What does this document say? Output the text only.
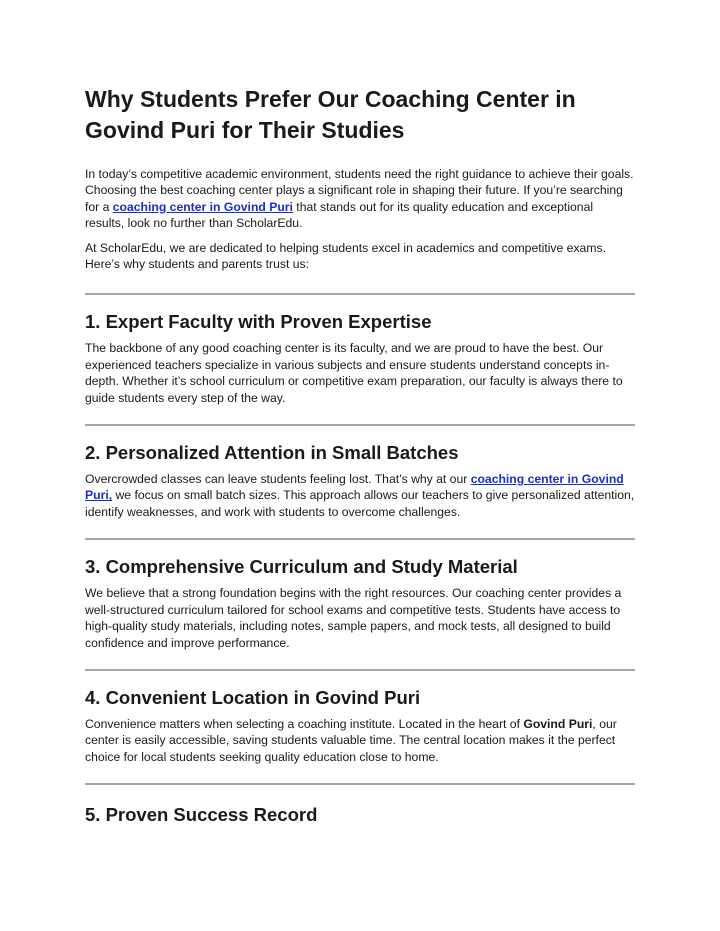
Why Students Prefer Our Coaching Center in Govind Puri for Their Studies

In today’s competitive academic environment, students need the right guidance to achieve their goals. Choosing the best coaching center plays a significant role in shaping their future. If you’re searching for a coaching center in Govind Puri that stands out for its quality education and exceptional results, look no further than ScholarEdu.

At ScholarEdu, we are dedicated to helping students excel in academics and competitive exams. Here’s why students and parents trust us:

1. Expert Faculty with Proven Expertise

The backbone of any good coaching center is its faculty, and we are proud to have the best. Our experienced teachers specialize in various subjects and ensure students understand concepts in-depth. Whether it’s school curriculum or competitive exam preparation, our faculty is always there to guide students every step of the way.

2. Personalized Attention in Small Batches

Overcrowded classes can leave students feeling lost. That’s why at our coaching center in Govind Puri, we focus on small batch sizes. This approach allows our teachers to give personalized attention, identify weaknesses, and work with students to overcome challenges.

3. Comprehensive Curriculum and Study Material

We believe that a strong foundation begins with the right resources. Our coaching center provides a well-structured curriculum tailored for school exams and competitive tests. Students have access to high-quality study materials, including notes, sample papers, and mock tests, all designed to build confidence and improve performance.

4. Convenient Location in Govind Puri

Convenience matters when selecting a coaching institute. Located in the heart of Govind Puri, our center is easily accessible, saving students valuable time. The central location makes it the perfect choice for local students seeking quality education close to home.

5. Proven Success Record
